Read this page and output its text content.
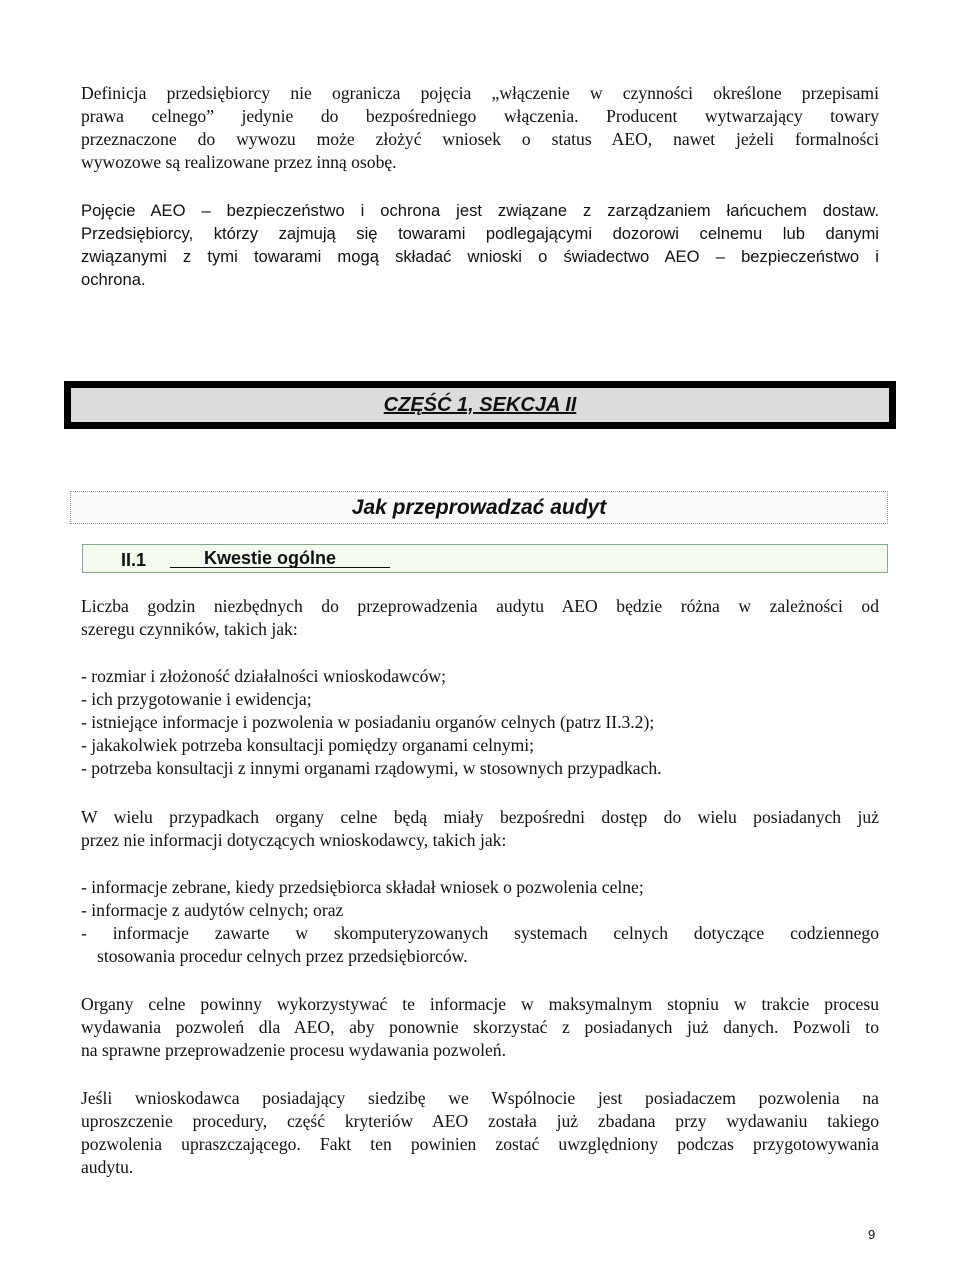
Definicja przedsiębiorcy nie ogranicza pojęcia „włączenie w czynności określone przepisami
prawa celnego” jedynie do bezpośredniego włączenia. Producent wytwarzający towary
przeznaczone do wywozu może złożyć wniosek o status AEO, nawet jeżeli formalności
wywozowe są realizowane przez inną osobę.
Pojęcie AEO – bezpieczeństwo i ochrona jest związane z zarządzaniem łańcuchem dostaw.
Przedsiębiorcy, którzy zajmują się towarami podlegającymi dozorowi celnemu lub danymi
związanymi z tymi towarami mogą składać wnioski o świadectwo AEO – bezpieczeństwo i
ochrona.
CZĘŚĆ 1, SEKCJA II
Jak przeprowadzać audyt
II.1	Kwestie ogólne
Liczba godzin niezbędnych do przeprowadzenia audytu AEO będzie różna w zależności od
szeregu czynników, takich jak:
- rozmiar i złożoność działalności wnioskodawców;
- ich przygotowanie i ewidencja;
- istniejące informacje i pozwolenia w posiadaniu organów celnych (patrz II.3.2);
- jakakolwiek potrzeba konsultacji pomiędzy organami celnymi;
- potrzeba konsultacji z innymi organami rządowymi, w stosownych przypadkach.
W wielu przypadkach organy celne będą miały bezpośredni dostęp do wielu posiadanych już
przez nie informacji dotyczących wnioskodawcy, takich jak:
- informacje zebrane, kiedy przedsiębiorca składał wniosek o pozwolenia celne;
- informacje z audytów celnych; oraz
- informacje zawarte w skomputeryzowanych systemach celnych dotyczące codziennego
stosowania procedur celnych przez przedsiębiorców.
Organy celne powinny wykorzystywać te informacje w maksymalnym stopniu w trakcie procesu
wydawania pozwoleń dla AEO, aby ponownie skorzystać z posiadanych już danych. Pozwoli to
na sprawne przeprowadzenie procesu wydawania pozwoleń.
Jeśli wnioskodawca posiadający siedzibę we Wspólnocie jest posiadaczem pozwolenia na
uproszczenie procedury, część kryteriów AEO została już zbadana przy wydawaniu takiego
pozwolenia upraszczającego. Fakt ten powinien zostać uwzględniony podczas przygotowywania
audytu.
9
